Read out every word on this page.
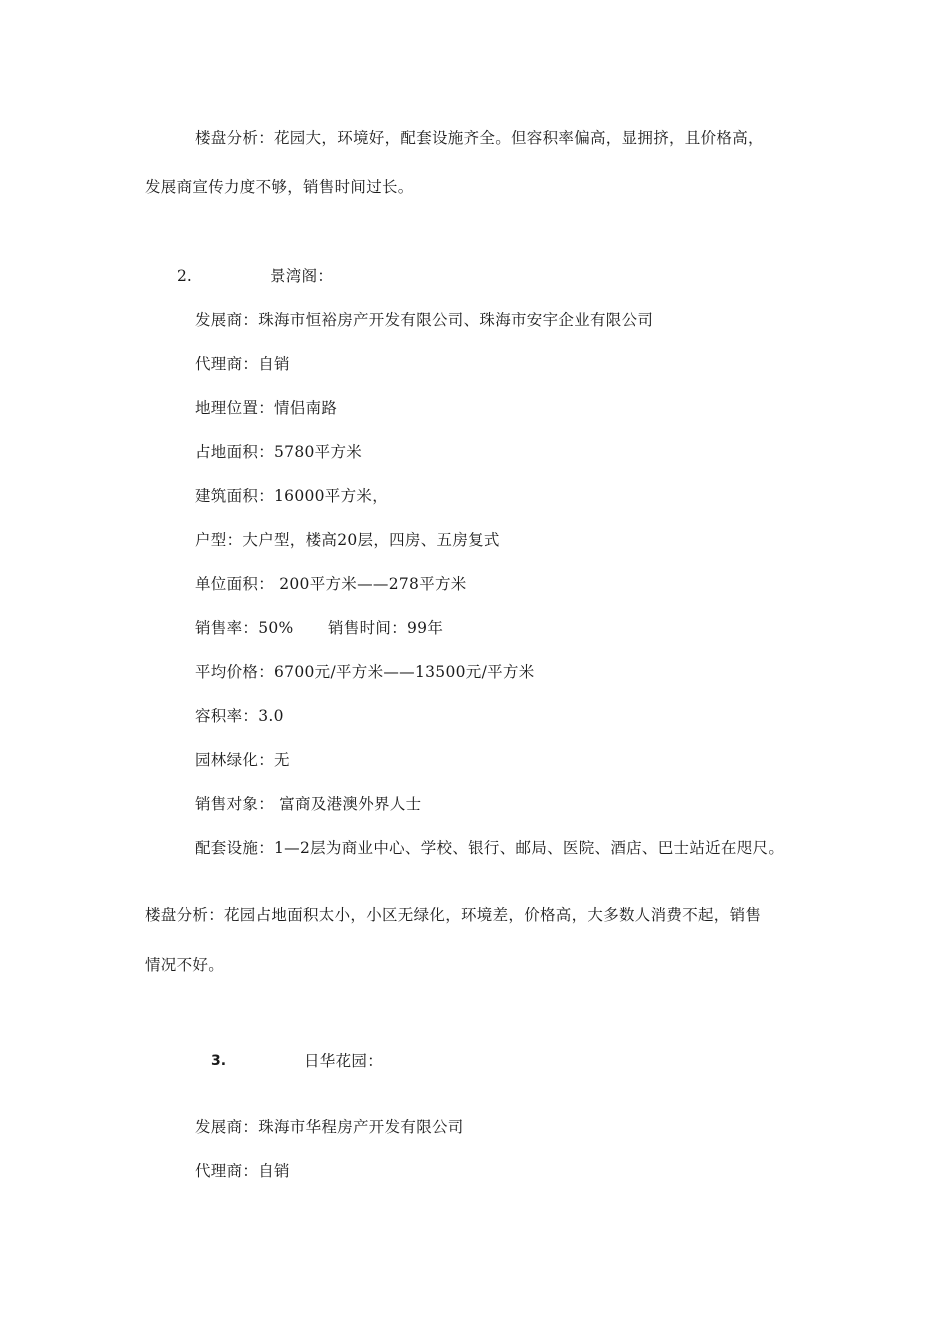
楼盘分析：花园大，环境好，配套设施齐全。但容积率偏高，显拥挤，且价格高，
发展商宣传力度不够，销售时间过长。
2.	景湾阁：
发展商：珠海市恒裕房产开发有限公司、珠海市安宇企业有限公司
代理商：自销
地理位置：情侣南路
占地面积：5780平方米
建筑面积：16000平方米，
户型：大户型，楼高20层，四房、五房复式
单位面积： 200平方米——278平方米
销售率：50% 销售时间：99年
平均价格：6700元/平方米——13500元/平方米
容积率：3.0
园林绿化：无
销售对象： 富商及港澳外界人士
配套设施：1—2层为商业中心、学校、银行、邮局、医院、酒店、巴士站近在咫尺。
楼盘分析：花园占地面积太小，小区无绿化，环境差，价格高，大多数人消费不起，销售
情况不好。
3.	日华花园：
发展商：珠海市华程房产开发有限公司
代理商：自销
